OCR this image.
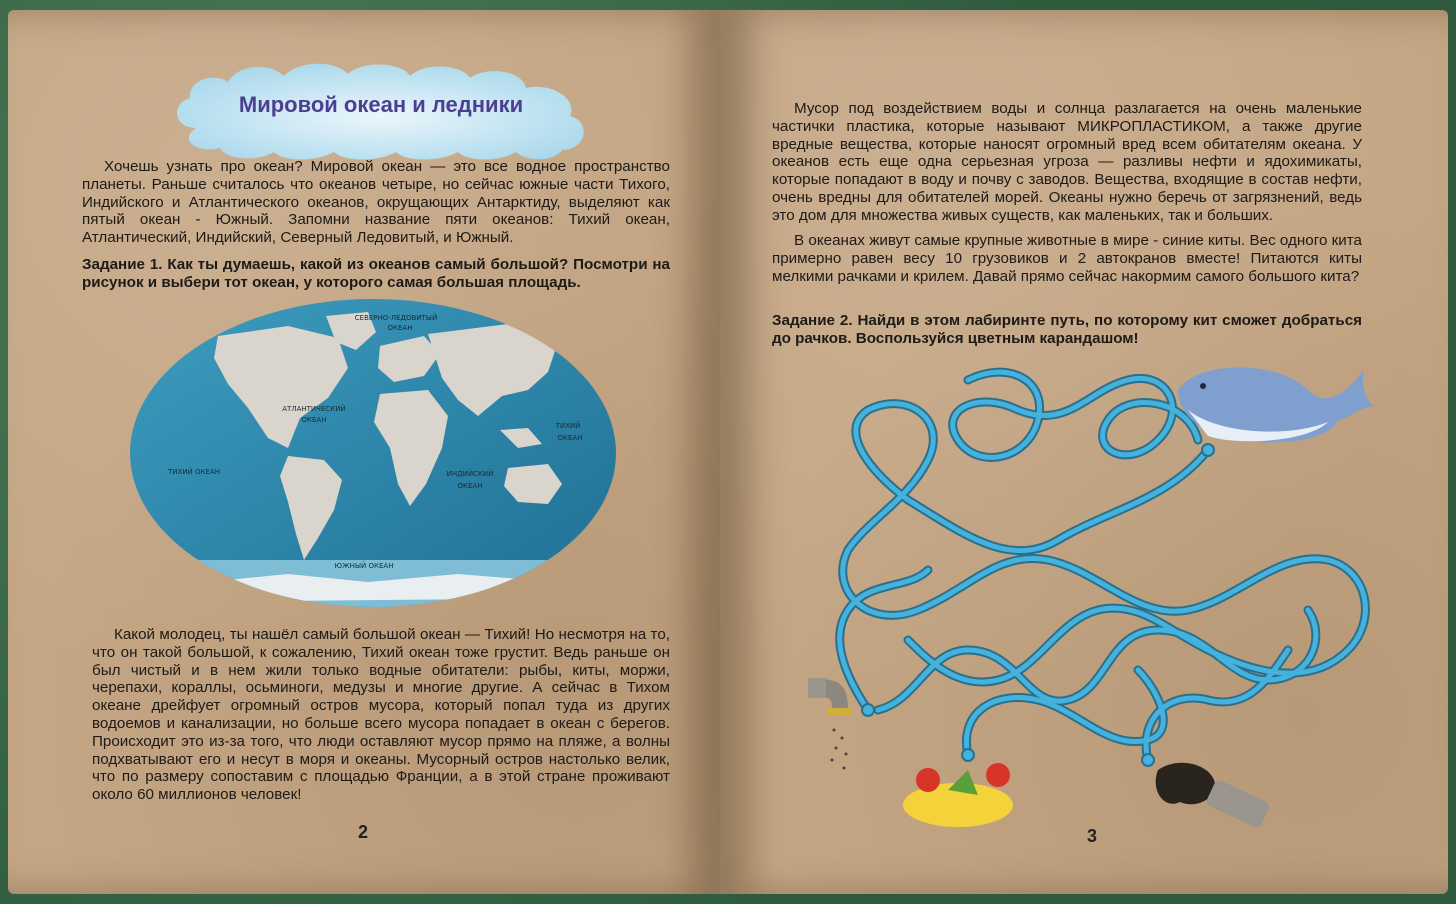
Мировой океан и ледники

Хочешь узнать про океан? Мировой океан — это все водное пространство планеты. Раньше считалось что океанов четыре, но сейчас южные части Тихого, Индийского и Атлантического океанов, окрущающих Антарктиду, выделяют как пятый океан - Южный. Запомни название пяти океанов: Тихий океан, Атлантический, Индийский, Северный Ледовитый, и Южный.

Задание 1. Как ты думаешь, какой из океанов самый большой? Посмотри на рисунок и выбери тот океан, у которого самая большая площадь.

СЕВЕРНО-ЛЕДОВИТЫЙ
ОКЕАН
АТЛАНТИЧЕСКИЙ
ОКЕАН
ТИХИЙ
ОКЕАН
ТИХИЙ ОКЕАН	ИНДИЙСКИЙ
ОКЕАН
ЮЖНЫЙ ОКЕАН

Какой молодец, ты нашёл самый большой океан — Тихий! Но несмотря на то, что он такой большой, к сожалению, Тихий океан тоже грустит. Ведь раньше он был чистый и в нем жили только водные обитатели: рыбы, киты, моржи, черепахи, кораллы, осьминоги, медузы и многие другие. А сейчас в Тихом океане дрейфует огромный остров мусора, который попал туда из других водоемов и канализации, но больше всего мусора попадает в океан с берегов. Происходит это из-за того, что люди оставляют мусор прямо на пляже, а волны подхватывают его и несут в моря и океаны. Мусорный остров настолько велик, что по размеру сопоставим с площадью Франции, а в этой стране проживают около 60 миллионов человек!

2

Мусор под воздействием воды и солнца разлагается на очень маленькие частички пластика, которые называют МИКРОПЛАСТИКОМ, а также другие вредные вещества, которые наносят огромный вред всем обитателям океана. У океанов есть еще одна серьезная угроза — разливы нефти и ядохимикаты, которые попадают в воду и почву с заводов. Вещества, входящие в состав нефти, очень вредны для обитателей морей. Океаны нужно беречь от загрязнений, ведь это дом для множества живых существ, как маленьких, так и больших.

В океанах живут самые крупные животные в мире - синие киты. Вес одного кита примерно равен весу 10 грузовиков и 2 автокранов вместе! Питаются киты мелкими рачками и крилем. Давай прямо сейчас накормим самого большого кита?

Задание 2. Найди в этом лабиринте путь, по которому кит сможет добраться до рачков. Воспользуйся цветным карандашом!

3
